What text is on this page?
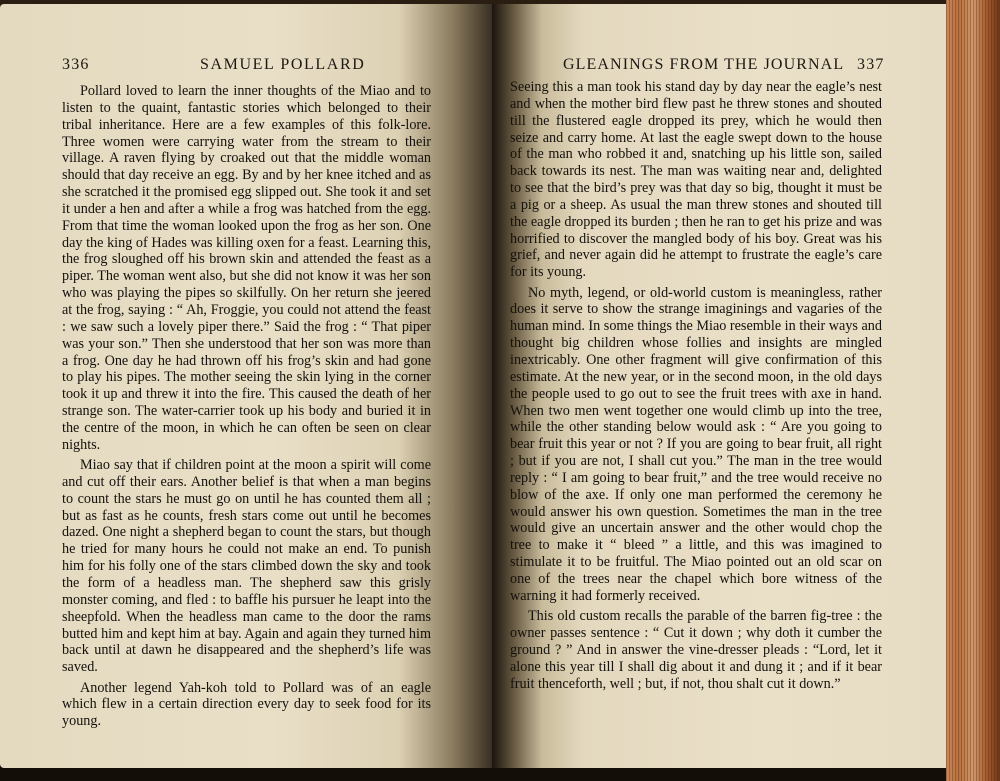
336	SAMUEL POLLARD

Pollard loved to learn the inner thoughts of the Miao and to listen to the quaint, fantastic stories which belonged to their tribal inheritance. Here are a few examples of this folk-lore. Three women were carrying water from the stream to their village. A raven flying by croaked out that the middle woman should that day receive an egg. By and by her knee itched and as she scratched it the promised egg slipped out. She took it and set it under a hen and after a while a frog was hatched from the egg. From that time the woman looked upon the frog as her son. One day the king of Hades was killing oxen for a feast. Learning this, the frog sloughed off his brown skin and attended the feast as a piper. The woman went also, but she did not know it was her son who was playing the pipes so skilfully. On her return she jeered at the frog, saying : “ Ah, Froggie, you could not attend the feast : we saw such a lovely piper there.” Said the frog : “ That piper was your son.” Then she understood that her son was more than a frog. One day he had thrown off his frog’s skin and had gone to play his pipes. The mother seeing the skin lying in the corner took it up and threw it into the fire. This caused the death of her strange son. The water-carrier took up his body and buried it in the centre of the moon, in which he can often be seen on clear nights.

Miao say that if children point at the moon a spirit will come and cut off their ears. Another belief is that when a man begins to count the stars he must go on until he has counted them all ; but as fast as he counts, fresh stars come out until he becomes dazed. One night a shepherd began to count the stars, but though he tried for many hours he could not make an end. To punish him for his folly one of the stars climbed down the sky and took the form of a headless man. The shepherd saw this grisly monster coming, and fled : to baffle his pursuer he leapt into the sheepfold. When the headless man came to the door the rams butted him and kept him at bay. Again and again they turned him back until at dawn he disappeared and the shepherd’s life was saved.

Another legend Yah-koh told to Pollard was of an eagle which flew in a certain direction every day to seek food for its young.

GLEANINGS FROM THE JOURNAL 337

Seeing this a man took his stand day by day near the eagle’s nest and when the mother bird flew past he threw stones and shouted till the flustered eagle dropped its prey, which he would then seize and carry home. At last the eagle swept down to the house of the man who robbed it and, snatching up his little son, sailed back towards its nest. The man was waiting near and, delighted to see that the bird’s prey was that day so big, thought it must be a pig or a sheep. As usual the man threw stones and shouted till the eagle dropped its burden ; then he ran to get his prize and was horrified to discover the mangled body of his boy. Great was his grief, and never again did he attempt to frustrate the eagle’s care for its young.

No myth, legend, or old-world custom is meaningless, rather does it serve to show the strange imaginings and vagaries of the human mind. In some things the Miao resemble in their ways and thought big children whose follies and insights are mingled inextricably. One other fragment will give confirmation of this estimate. At the new year, or in the second moon, in the old days the people used to go out to see the fruit trees with axe in hand. When two men went together one would climb up into the tree, while the other standing below would ask : “ Are you going to bear fruit this year or not ? If you are going to bear fruit, all right ; but if you are not, I shall cut you.” The man in the tree would reply : “ I am going to bear fruit,” and the tree would receive no blow of the axe. If only one man performed the ceremony he would answer his own question. Sometimes the man in the tree would give an uncertain answer and the other would chop the tree to make it “ bleed ” a little, and this was imagined to stimulate it to be fruitful. The Miao pointed out an old scar on one of the trees near the chapel which bore witness of the warning it had formerly received.

This old custom recalls the parable of the barren fig-tree : the owner passes sentence : “ Cut it down ; why doth it cumber the ground ? ” And in answer the vine-dresser pleads : “Lord, let it alone this year till I shall dig about it and dung it ; and if it bear fruit thenceforth, well ; but, if not, thou shalt cut it down.”
